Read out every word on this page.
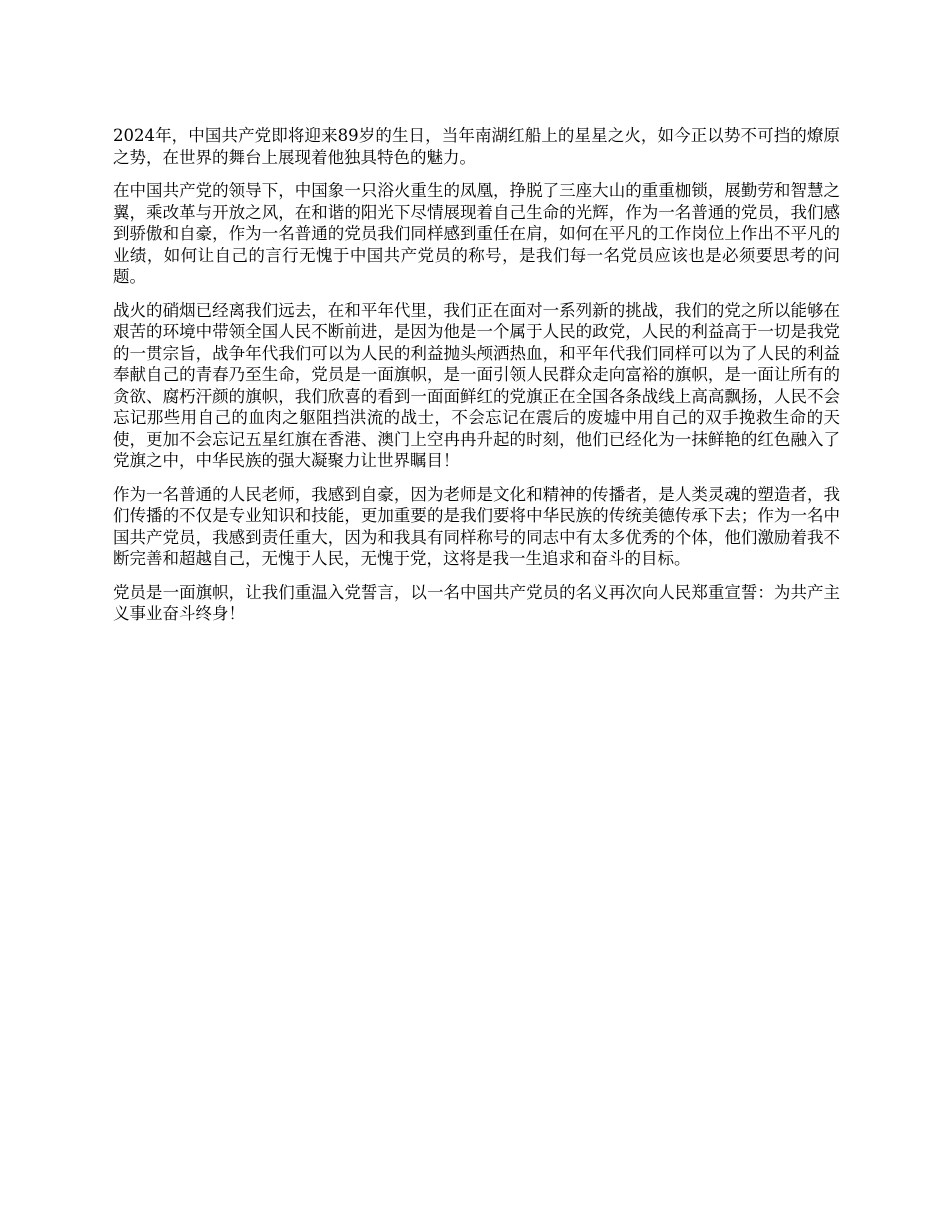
2024年，中国共产党即将迎来89岁的生日，当年南湖红船上的星星之火，如今正以势不可挡的燎原之势，在世界的舞台上展现着他独具特色的魅力。

在中国共产党的领导下，中国象一只浴火重生的凤凰，挣脱了三座大山的重重枷锁，展勤劳和智慧之翼，乘改革与开放之风，在和谐的阳光下尽情展现着自己生命的光辉，作为一名普通的党员，我们感到骄傲和自豪，作为一名普通的党员我们同样感到重任在肩，如何在平凡的工作岗位上作出不平凡的业绩，如何让自己的言行无愧于中国共产党员的称号，是我们每一名党员应该也是必须要思考的问题。

战火的硝烟已经离我们远去，在和平年代里，我们正在面对一系列新的挑战，我们的党之所以能够在艰苦的环境中带领全国人民不断前进，是因为他是一个属于人民的政党，人民的利益高于一切是我党的一贯宗旨，战争年代我们可以为人民的利益抛头颅洒热血，和平年代我们同样可以为了人民的利益奉献自己的青春乃至生命，党员是一面旗帜，是一面引领人民群众走向富裕的旗帜，是一面让所有的贪欲、腐朽汗颜的旗帜，我们欣喜的看到一面面鲜红的党旗正在全国各条战线上高高飘扬，人民不会忘记那些用自己的血肉之躯阻挡洪流的战士，不会忘记在震后的废墟中用自己的双手挽救生命的天使，更加不会忘记五星红旗在香港、澳门上空冉冉升起的时刻，他们已经化为一抹鲜艳的红色融入了党旗之中，中华民族的强大凝聚力让世界瞩目！

作为一名普通的人民老师，我感到自豪，因为老师是文化和精神的传播者，是人类灵魂的塑造者，我们传播的不仅是专业知识和技能，更加重要的是我们要将中华民族的传统美德传承下去；作为一名中国共产党员，我感到责任重大，因为和我具有同样称号的同志中有太多优秀的个体，他们激励着我不断完善和超越自己，无愧于人民，无愧于党，这将是我一生追求和奋斗的目标。

党员是一面旗帜，让我们重温入党誓言，以一名中国共产党员的名义再次向人民郑重宣誓：为共产主义事业奋斗终身！
